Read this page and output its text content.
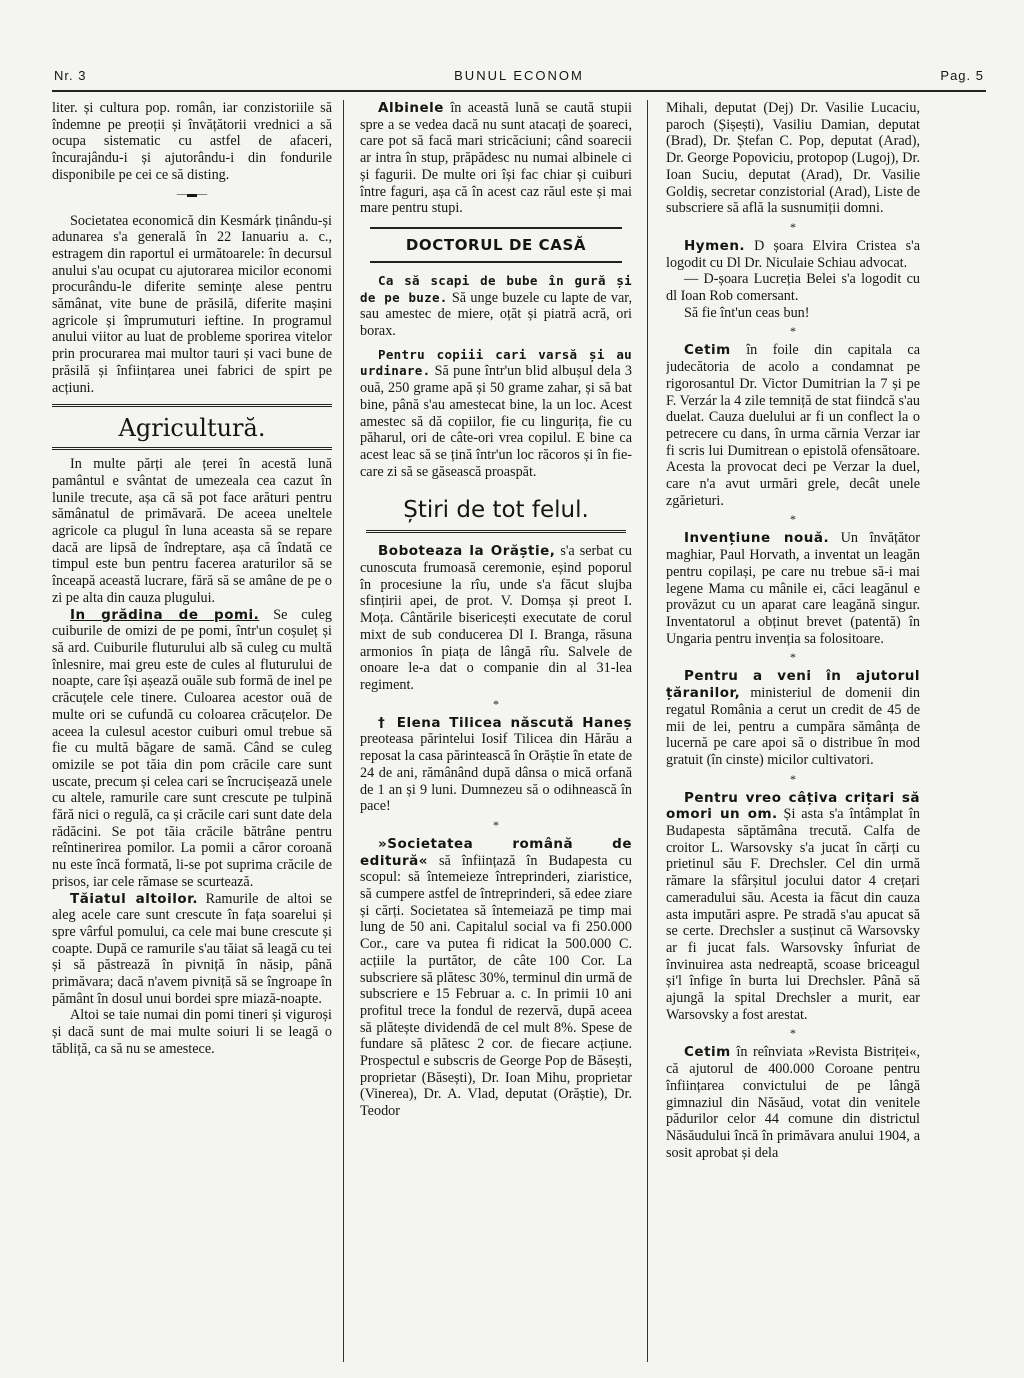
Nr. 3	BUNUL ECONOM	Pag. 5

liter. și cultura pop. român, iar conzistoriile să îndemne pe preoții și învățătorii vrednici a să ocupa sistematic cu astfel de afaceri, încurajându-i și ajutorându-i din fondurile disponibile pe cei ce să disting.

—▬—

Societatea economică din Kesmárk ținându-și adunarea s'a generală în 22 Ianuariu a. c., estragem din raportul ei următoarele: în decursul anului s'au ocupat cu ajutorarea micilor economi procurându-le diferite semințe alese pentru sămânat, vite bune de prăsilă, diferite mașini agricole și împrumuturi ieftine. In programul anului viitor au luat de probleme sporirea vitelor prin procurarea mai multor tauri și vaci bune de prăsilă și înființarea unei fabrici de spirt pe acțiuni.

Agricultură.

In multe părți ale țerei în acestă lună pamântul e svântat de umezeala cea cazut în lunile trecute, așa că să pot face arături pentru sămânatul de primăvară. De aceea uneltele agricole ca plugul în luna aceasta să se repare dacă are lipsă de îndreptare, așa că îndată ce timpul este bun pentru facerea araturilor să se înceapă această lucrare, fără să se amâne de pe o zi pe alta din cauza plugului.

In grădina de pomi. Se culeg cuiburile de omizi de pe pomi, într'un coșuleț și să ard. Cuiburile fluturului alb să culeg cu multă înlesnire, mai greu este de cules al fluturului de noapte, care își așează ouăle sub formă de inel pe crăcuțele cele tinere. Culoarea acestor ouă de multe ori se cufundă cu coloarea crăcuțelor. De aceea la culesul acestor cuiburi omul trebue să fie cu multă băgare de samă. Când se culeg omizile se pot tăia din pom crăcile care sunt uscate, precum și celea cari se încrucișează unele cu altele, ramurile care sunt crescute pe tulpină fără nici o regulă, ca și crăcile cari sunt date dela rădăcini. Se pot tăia crăcile bătrâne pentru reîntinerirea pomilor. La pomii a căror coroană nu este încă formată, li-se pot suprima crăcile de prisos, iar cele rămase se scurtează.

Tăiatul altoilor. Ramurile de altoi se aleg acele care sunt crescute în fața soarelui și spre vârful pomului, ca cele mai bune crescute și coapte. După ce ramurile s'au tăiat să leagă cu tei și să păstrează în pivniță în năsip, până primăvara; dacă n'avem pivniță să se îngroape în pământ în dosul unui bordei spre miază-noapte.

Altoi se taie numai din pomi tineri și viguroși și dacă sunt de mai multe soiuri li se leagă o tăbliță, ca să nu se amestece.

Albinele în această lună se caută stupii spre a se vedea dacă nu sunt atacați de șoareci, care pot să facă mari stricăciuni; când soarecii ar intra în stup, prăpădesc nu numai albinele ci și fagurii. De multe ori își fac chiar și cuiburi între faguri, așa că în acest caz răul este și mai mare pentru stupi.

DOCTORUL DE CASĂ

Ca să scapi de bube în gură și de pe buze. Să unge buzele cu lapte de var, sau amestec de miere, oțăt și piatră acră, ori borax.

Pentru copiii cari varsă și au urdinare. Să pune într'un blid albușul dela 3 ouă, 250 grame apă și 50 grame zahar, și să bat bine, până s'au amestecat bine, la un loc. Acest amestec să dă copiilor, fie cu lingurița, fie cu păharul, ori de câte-ori vrea copilul. E bine ca acest leac să se țină într'un loc răcoros și în fie-care zi să se găsească proaspăt.

Știri de tot felul.

Boboteaza la Orăștie, s'a serbat cu cunoscuta frumoasă ceremonie, eșind poporul în procesiune la rîu, unde s'a făcut slujba sfințirii apei, de prot. V. Domșa și preot I. Moța. Cântările bisericești executate de corul mixt de sub conducerea Dl I. Branga, răsuna armonios în piața de lângă rîu. Salvele de onoare le-a dat o companie din al 31-lea regiment.

*

† Elena Tilicea născută Haneș preoteasa părintelui Iosif Tilicea din Hărău a reposat la casa părintească în Orăștie în etate de 24 de ani, rămânând după dânsa o mică orfană de 1 an și 9 luni. Dumnezeu să o odihnească în pace!

*

»Societatea română de editură« să înființază în Budapesta cu scopul: să întemeieze întreprinderi, ziaristice, să cumpere astfel de întreprinderi, să edee ziare și cărți. Societatea să întemeiază pe timp mai lung de 50 ani. Capitalul social va fi 250.000 Cor., care va putea fi ridicat la 500.000 C. acțiile la purtător, de câte 100 Cor. La subscriere să plătesc 30%, terminul din urmă de subscriere e 15 Februar a. c. In primii 10 ani profitul trece la fondul de rezervă, după aceea să plătește dividendă de cel mult 8%. Spese de fundare să plătesc 2 cor. de fiecare acțiune. Prospectul e subscris de George Pop de Băsești, proprietar (Băsești), Dr. Ioan Mihu, proprietar (Vinerea), Dr. A. Vlad, deputat (Orăștie), Dr. Teodor

Mihali, deputat (Dej) Dr. Vasilie Lucaciu, paroch (Șișești), Vasiliu Damian, deputat (Brad), Dr. Ștefan C. Pop, deputat (Arad), Dr. George Popoviciu, protopop (Lugoj), Dr. Ioan Suciu, deputat (Arad), Dr. Vasilie Goldiș, secretar conzistorial (Arad), Liste de subscriere să află la susnumiții domni.

*

Hymen. D șoara Elvira Cristea s'a logodit cu Dl Dr. Niculaie Schiau advocat.

— D-șoara Lucreția Belei s'a logodit cu dl Ioan Rob comersant.

Să fie înt'un ceas bun!

*

Cetim în foile din capitala ca judecătoria de acolo a condamnat pe rigorosantul Dr. Victor Dumitrian la 7 și pe F. Verzár la 4 zile temniță de stat fiindcă s'au duelat. Cauza duelului ar fi un conflect la o petrecere cu dans, în urma cărnia Verzar iar fi scris lui Dumitrean o epistolă ofensătoare. Acesta la provocat deci pe Verzar la duel, care n'a avut urmări grele, decât unele zgărieturi.

*

Invențiune nouă. Un învățător maghiar, Paul Horvath, a inventat un leagăn pentru copilași, pe care nu trebue să-i mai legene Mama cu mânile ei, căci leagănul e provăzut cu un aparat care leagănă singur. Inventatorul a obținut brevet (patentă) în Ungaria pentru invenția sa folositoare.

*

Pentru a veni în ajutorul țăranilor, ministeriul de domenii din regatul România a cerut un credit de 45 de mii de lei, pentru a cumpăra sămânța de lucernă pe care apoi să o distribue în mod gratuit (în cinste) micilor cultivatori.

*

Pentru vreo câțiva crițari să omori un om. Și asta s'a întâmplat în Budapesta săptămâna trecută. Calfa de croitor L. Warsovsky s'a jucat în cărți cu prietinul său F. Drechsler. Cel din urmă rămare la sfârșitul jocului dator 4 crețari cameradului său. Acesta ia făcut din cauza asta imputări aspre. Pe stradă s'au apucat să se certe. Drechsler a susținut că Warsovsky ar fi jucat fals. Warsovsky înfuriat de învinuirea asta nedreaptă, scoase briceagul și'l înfige în burta lui Drechsler. Până să ajungă la spital Drechsler a murit, ear Warsovsky a fost arestat.

*

Cetim în reînviata »Revista Bistriței«, că ajutorul de 400.000 Coroane pentru înființarea convictului de pe lângă gimnaziul din Năsăud, votat din venitele pădurilor celor 44 comune din districtul Năsăudului încă în primăvara anului 1904, a sosit aprobat și dela
